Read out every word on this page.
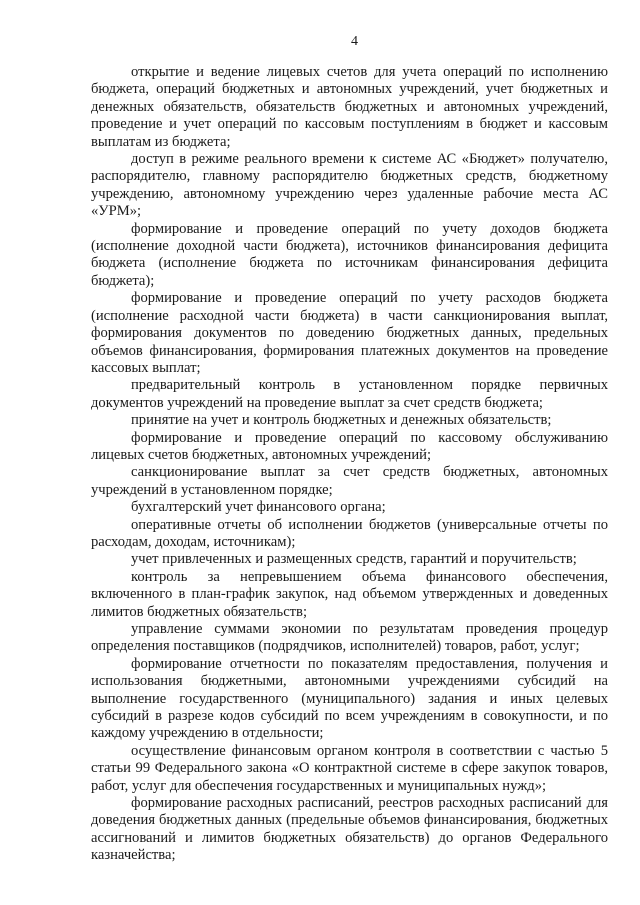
4

открытие и ведение лицевых счетов для учета операций по исполнению бюджета, операций бюджетных и автономных учреждений, учет бюджетных и денежных обязательств, обязательств бюджетных и автономных учреждений, проведение и учет операций по кассовым поступлениям в бюджет и кассовым выплатам из бюджета;

доступ в режиме реального времени к системе АС «Бюджет» получателю, распорядителю, главному распорядителю бюджетных средств, бюджетному учреждению, автономному учреждению через удаленные рабочие места АС «УРМ»;

формирование и проведение операций по учету доходов бюджета (исполнение доходной части бюджета), источников финансирования дефицита бюджета (исполнение бюджета по источникам финансирования дефицита бюджета);

формирование и проведение операций по учету расходов бюджета (исполнение расходной части бюджета) в части санкционирования выплат, формирования документов по доведению бюджетных данных, предельных объемов финансирования, формирования платежных документов на проведение кассовых выплат;

предварительный контроль в установленном порядке первичных документов учреждений на проведение выплат за счет средств бюджета;

принятие на учет и контроль бюджетных и денежных обязательств;

формирование и проведение операций по кассовому обслуживанию лицевых счетов бюджетных, автономных учреждений;

санкционирование выплат за счет средств бюджетных, автономных учреждений в установленном порядке;

бухгалтерский учет финансового органа;

оперативные отчеты об исполнении бюджетов (универсальные отчеты по расходам, доходам, источникам);

учет привлеченных и размещенных средств, гарантий и поручительств;

контроль за непревышением объема финансового обеспечения, включенного в план-график закупок, над объемом утвержденных и доведенных лимитов бюджетных обязательств;

управление суммами экономии по результатам проведения процедур определения поставщиков (подрядчиков, исполнителей) товаров, работ, услуг;

формирование отчетности по показателям предоставления, получения и использования бюджетными, автономными учреждениями субсидий на выполнение государственного (муниципального) задания и иных целевых субсидий в разрезе кодов субсидий по всем учреждениям в совокупности, и по каждому учреждению в отдельности;

осуществление финансовым органом контроля в соответствии с частью 5 статьи 99 Федерального закона «О контрактной системе в сфере закупок товаров, работ, услуг для обеспечения государственных и муниципальных нужд»;

формирование расходных расписаний, реестров расходных расписаний для доведения бюджетных данных (предельные объемов финансирования, бюджетных ассигнований и лимитов бюджетных обязательств) до органов Федерального казначейства;
